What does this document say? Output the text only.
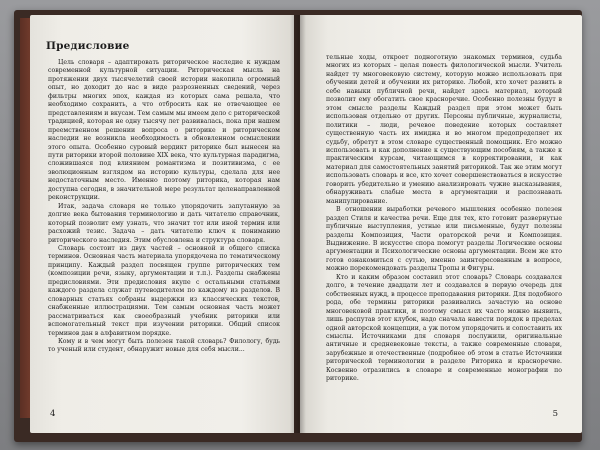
Предисловие

Цель словаря – адаптировать риторическое наследие к нуждам современной культурной ситуации. Риторическая мысль на протяжении двух тысячелетий своей истории накопила огромный опыт, но доходит до нас в виде разрозненных сведений, через фильтры многих эпох, каждая из которых сама решала, что необходимо сохранить, а что отбросить как не отвечающее ее представлениям и вкусам. Тем самым мы имеем дело с риторической традицией, которая не одну тысячу лет развивалась, пока при нашем преемственном решении вопроса о риторике и риторическом наследии не возникла необходимость в обновленном осмыслении этого опыта. Особенно суровый вердикт риторике был вынесен на пути риторики второй половине XIX века, что культурная парадигма, сложившаяся под влиянием романтизма и позитивизма, с ее эволюционным взглядом на историю культуры, сделала для нее недостаточным место. Именно поэтому риторика, которая нам доступна сегодня, в значительной мере результат целенаправленной реконструкции.

Итак, задача словаря не только упорядочить запутанную за долгие века бытования терминологию и дать читателю справочник, который позволит ему узнать, что значит тот или иной термин или расхожий тезис. Задача – дать читателю ключ к пониманию риторического наследия. Этим обусловлена и структура словаря.

Словарь состоит из двух частей – основной и общего списка терминов. Основная часть материала упорядочена по тематическому принципу. Каждый раздел посвящен группе риторических тем (композиции речи, языку, аргументации и т.п.). Разделы снабжены предисловиями. Эти предисловия вкупе с остальными статьями каждого раздела служат путеводителем по каждому из разделов. В словарных статьях собраны выдержки из классических текстов, снабженные иллюстрациями. Тем самым основная часть может рассматриваться как своеобразный учебник риторики или вспомогательный текст при изучении риторики. Общий список терминов дан в алфавитном порядке.

Кому и в чем могут быть полезен такой словарь? Филологу, будь то ученый или студент, обнаружит новые для себя мысли...

4

тельные ходы, откроет подноготную знакомых терминов, судьба многих из которых – целая повесть филологической мысли. Учитель найдет ту многовековую систему, которую можно использовать при обучении детей и обучении их риторике. Любой, кто хочет развить в себе навыки публичной речи, найдет здесь материал, который позволит ему обогатить свое красноречие. Особенно полезны будут в этом смысле разделы Каждый раздел при этом может быть использован отдельно от других. Персоны публичные, журналисты, политики – люди, речевое поведение которых составляет существенную часть их имиджа и во многом предопределяет их судьбу, обретут в этом словаре существенный помощник. Его можно использовать и как дополнение к существующим пособиям, а также к практическим курсам, читающимся в корректировании, и как материал для самостоятельных занятий риторикой. Так же этим могут использовать словарь и все, кто хочет совершенствоваться в искусстве говорить убедительно и умению анализировать чужие высказывания, обнаруживать слабые места в аргументации и распознавать манипулирование.

В отношении выработки речевого мышления особенно полезен раздел Стиля и качества речи. Еще для тех, кто готовит развернутые публичные выступления, устные или письменные, будут полезны разделы Композиция, Части ораторской речи и Композиция. Выдвижение. В искусстве спора помогут разделы Логические основы аргументации и Психологические основы аргументации. Всем же кто готов ознакомиться с сутью, именно заинтересованным в вопросе, можно порекомендовать разделы Тропы и Фигуры.

Кто и каким образом составил этот словарь? Словарь создавался долго, в течение двадцати лет и создавался в первую очередь для собственных нужд, в процессе преподавания риторики. Для подобного рода, обе термины риторики развивались зачастую на основе многовековой практики, и поэтому смысл их часто можно выявить, лишь распутав этот клубок, надо сначала навести порядок в пределах одной авторской концепции, а уж потом упорядочить и сопоставить их смыслы. Источниками для словаря послужили, оригинальные античные и средневековые тексты, а также современные словари, зарубежные и отечественные (подробнее об этом в статье Источники риторической терминологии в разделе Риторика и красноречие. Косвенно отразились в словаре и современные монографии по риторике.

5
